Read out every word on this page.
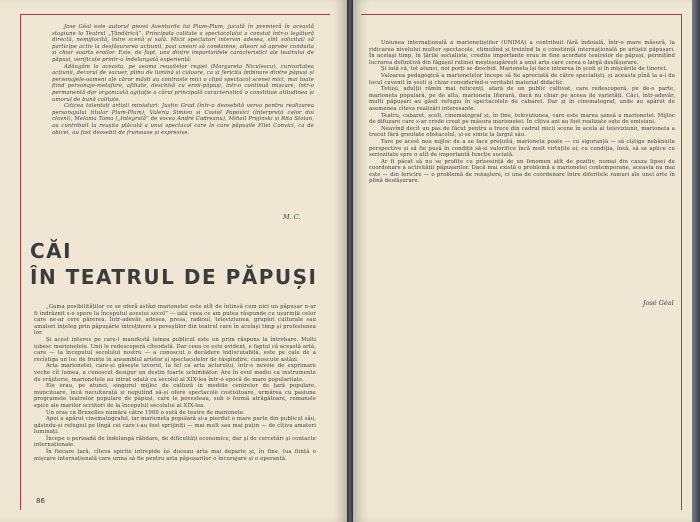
Jose Géal este autorul piesei Aventurile lui Plum-Plum, jucată în premieră în această stagiune la Teatrul „Țăndărică”. Principala calitate a spectacolului a constat într-o legătură directă, nemijlocită, între scenă și sală. Micii spectatori intervin adesea, sînt solicitați să participe activ la desfășurarea acțiunii, pași uneori să condamne, alteori să aprobe conduita și chiar soarta eroilor. Este, de fapt, una dintre importantele caracteristici ale teatrului de păpuși, verificate printr-o îndelungată experiență.

Adăugăm la aceasta, pe seama reușitelor regiei (Margareta Niculescu), curiozitatea acțiunii, decorul de vacuer, plinu de lumină și culoare, ca și fericita îmbinare dintre păpuși și personajele-oameni ale căror măști au contraste mici o clipă spectacol scenei mici, mai toate fiind personaje-metafore, afiliate, deschisă cu eroii-păpuși, într-o continuă mișcare, într-o permanentă dar organizată agitație a cărui principală caracteristică o constituie atitudinea și umorul de bună calitate.

Citicea talentați artiști miniaturi: Justin Grad (într-o deosebită verva pentru realizarea personajului titular Plum-Plum), Valeria Simion și Costel Popovici (interpreții celor doi clovni), Melania Toma („Integrală” de vocea André Codreanu), Mihail Prejinski și Rita Stoian, au contribuit la reușita plăcută a unui spectacol care în care păpușile Ellei Convici, ca de obicei, au fost deosebit de frumoase și expresive.

M. C.
CĂI
ÎN TEATRUL DE PĂPUȘI

„Gama posibilităților ce se oferă astăzi marionetei este atît de întinsă cum nici un păpușar n-ar fi îndrăznit s-o spere la începutul acestui secol” — iată ceea ce am putea răspunde cu ușurință celor care ne-ar cere părerea. Într-adevăr, adesea, presa, radioul, televiziunea, grupări culturale sau amatori înțeleg prin păpușărie întreținere a poveștilor din teatrul care în același timp și profesiunea lor.

Și acest interes pe care-l manifestă lumea publicul este un prim răspuns la întrebare. Multi iubesc marionetele. Unii le redescoperă cîteodată. Dar ceea ce este evident, e faptul că această artă, care — la începutul secolului nostru — a cunoscut o decădere indiscutabilă, este pe cale de a recîștiga un loc de frunte în ansamblul artelor și spectacolelor de răspîndire, cunoscute astăzi.

Arta marionetei, care-și găsește izvorul, la fel ca arta actorului, într-o nevoie de exprimare veche cît lumea, a cunoscut desigur un destin foarte schimbător. Are în evul mediu ca instrumente de vrăjitorie, marionetele au intrat odată cu secolul al XIX-lea într-o epocă de mare popularitate.

Ele erau, pe atunci, singurul mijloc de cultură în mediile centrelor de țară populare, muncitoare, încă neculturată și neputînd să-și ofere spectacole costisitoare, urmărea cu pasiune programele teatrelor populare de păpuși, care le povesteau, sub o formă atrăgătoare, romanele epice ale marilor scriitori de la începutul secolului al XIX-lea.

Un oraș ca Bruxelles număra către 1900 o sută de teatre de marionete.

Apoi a apărut cinematograful, iar marioneta populară și-a pierdut o mare parte din publicul său, găsindu-și refugiul pe lîngă cei care i-au fost sprijiniți — mai mult sau mai puțin — de cîțiva amatori luminați.

Începe o perioadă de îndelungă răbdare, de dificultăți economice, dar și de cercetări și contacte internaționale.

În fiecare țară, cîteva spirite intrepide își duceau arta mai departe și, în fine, lua ființă o mișcare internațională care urma să fie pentru arta păpușarilor o încurajare și o operantă.

86

Uniunea internațională a marionetiștilor (UNIMA) a contribuit fără îndoială, într-o mare măsură, la ridicarea nivelului multor spectacole, stimulînd și treizînd la o constiință internațională pe artiștii păpușari. În același timp, în țările socialiste, credite importante erau în fine acordate teatrelor de păpuși, permițînd lucrarea definitivă din făgașul rutinei meșteșugărești a unei arte care cerea o largă desfășurare.

Și iată că, tot atunci, noi porți se deschid. Marioneta își face intrarea în școli și în mișcările de tineret.

Valoarea pedagogică a marionetelor începe să fie apreciată de către specialiști, și aceasta pînă la a-i da locul cuvenit în școli și chiar considerînd-o veritabil material didactic.

Totuși, adulții rămîn mai reticenți, afară de un public cultivat, care redescoperă, pe de-o parte, marioneta populară, pe de alta, marioneta literară, dacă nu chiar pe aceea de varietăți. Căci, într-adevăr, multi păpușari au găsit refugiu în spectacolele de cabaret. Dar și în cinematograf, unde au apărut de asemenea cîteva realizări interesante.

Teatru, cabaret, școli, cinematograf și, în fine, televiziunea, care este marea șansă a marionetei. Mijloc de difuzare care s-ar crede creat pe măsura marionetei. În cîțiva ani au fost realizate sute de emisiuni.

Neavînd decît un pas de făcut pentru a trece din cadrul micii scene în acela al televiziunii, marioneta a trecut fără greutate obstacolul, și se simte la largul său.

Tare pe acest nou mijloc de a se face prețuită, marioneta poate — cu siguranță — să cîștige nebănuite perspective și să fie pusă în condiții să-și valorifice încă mult virtuțile ei, cu condiția, însă, să se aplice cu seriozitate spre o atît de importantă funcție socială.

Ar fi păcat să nu se profite cu prisosință de un fenomen atît de pozitiv, numai din cauza lipsei de coordonare a activității păpușarilor. Dacă mai există o problemă a marionetei contemporane, aceasta nu mai este — din fericire — o problemă de renaștere, ci una de coordonare între diferitele ramuri ale unei arte în plină desfășurare.

José Géal
